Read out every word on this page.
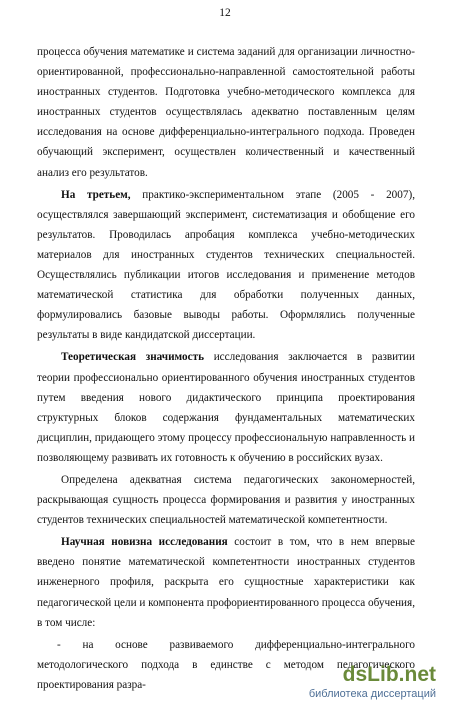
12

процесса обучения математике и система заданий для организации личностно-ориентированной, профессионально-направленной самостоятельной работы иностранных студентов. Подготовка учебно-методического комплекса для иностранных студентов осуществлялась адекватно поставленным целям исследования на основе дифференциально-интегрального подхода. Проведен обучающий эксперимент, осуществлен количественный и качественный анализ его результатов.

На третьем, практико-экспериментальном этапе (2005 - 2007), осуществлялся завершающий эксперимент, систематизация и обобщение его результатов. Проводилась апробация комплекса учебно-методических материалов для иностранных студентов технических специальностей. Осуществлялись публикации итогов исследования и применение методов математической статистика для обработки полученных данных, формулировались базовые выводы работы. Оформлялись полученные результаты в виде кандидатской диссертации.

Теоретическая значимость исследования заключается в развитии теории профессионально ориентированного обучения иностранных студентов путем введения нового дидактического принципа проектирования структурных блоков содержания фундаментальных математических дисциплин, придающего этому процессу профессиональную направленность и позволяющему развивать их готовность к обучению в российских вузах.

Определена адекватная система педагогических закономерностей, раскрывающая сущность процесса формирования и развития у иностранных студентов технических специальностей математической компетентности.

Научная новизна исследования состоит в том, что в нем впервые введено понятие математической компетентности иностранных студентов инженерного профиля, раскрыта его сущностные характеристики как педагогической цели и компонента профориентированного процесса обучения, в том числе:

- на основе развиваемого дифференциально-интегрального методологического подхода в единстве с методом педагогического проектирования разра-	dsLib.net
библиотека диссертаций
